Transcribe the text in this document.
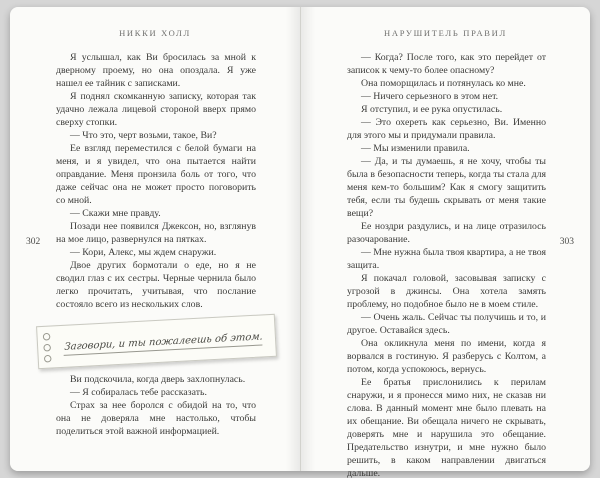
НИККИ ХОЛЛ
302

Я услышал, как Ви бросилась за мной к дверному проему, но она опоздала. Я уже нашел ее тайник с записками.

Я поднял скомканную записку, которая так удачно лежала лицевой стороной вверх прямо сверху стопки.

— Что это, черт возьми, такое, Ви?

Ее взгляд переместился с белой бумаги на меня, и я увидел, что она пытается найти оправдание. Меня пронзила боль от того, что даже сейчас она не может просто поговорить со мной.

— Скажи мне правду.

Позади нее появился Джексон, но, взглянув на мое лицо, развернулся на пятках.

— Кори, Алекс, мы ждем снаружи.

Двое других бормотали о еде, но я не сводил глаз с их сестры. Черные чернила было легко прочитать, учитывая, что послание состояло всего из нескольких слов.

Заговори, и ты пожалеешь об этом.

Ви подскочила, когда дверь захлопнулась.

— Я собиралась тебе рассказать.

Страх за нее боролся с обидой на то, что она не доверяла мне настолько, чтобы поделиться этой важной информацией.

НАРУШИТЕЛЬ ПРАВИЛ
303

— Когда? После того, как это перейдет от записок к чему-то более опасному?

Она поморщилась и потянулась ко мне.

— Ничего серьезного в этом нет.

Я отступил, и ее рука опустилась.

— Это охереть как серьезно, Ви. Именно для этого мы и придумали правила.

— Мы изменили правила.

— Да, и ты думаешь, я не хочу, чтобы ты была в безопасности теперь, когда ты стала для меня кем-то большим? Как я смогу защитить тебя, если ты будешь скрывать от меня такие вещи?

Ее ноздри раздулись, и на лице отразилось разочарование.

— Мне нужна была твоя квартира, а не твоя защита.

Я покачал головой, засовывая записку с угрозой в джинсы. Она хотела замять проблему, но подобное было не в моем стиле.

— Очень жаль. Сейчас ты получишь и то, и другое. Оставайся здесь.

Она окликнула меня по имени, когда я ворвался в гостиную. Я разберусь с Колтом, а потом, когда успокоюсь, вернусь.

Ее братья прислонились к перилам снаружи, и я пронесся мимо них, не сказав ни слова. В данный момент мне было плевать на их обещание. Ви обещала ничего не скрывать, доверять мне и нарушила это обещание. Предательство изнутри, и мне нужно было решить, в каком направлении двигаться дальше.
